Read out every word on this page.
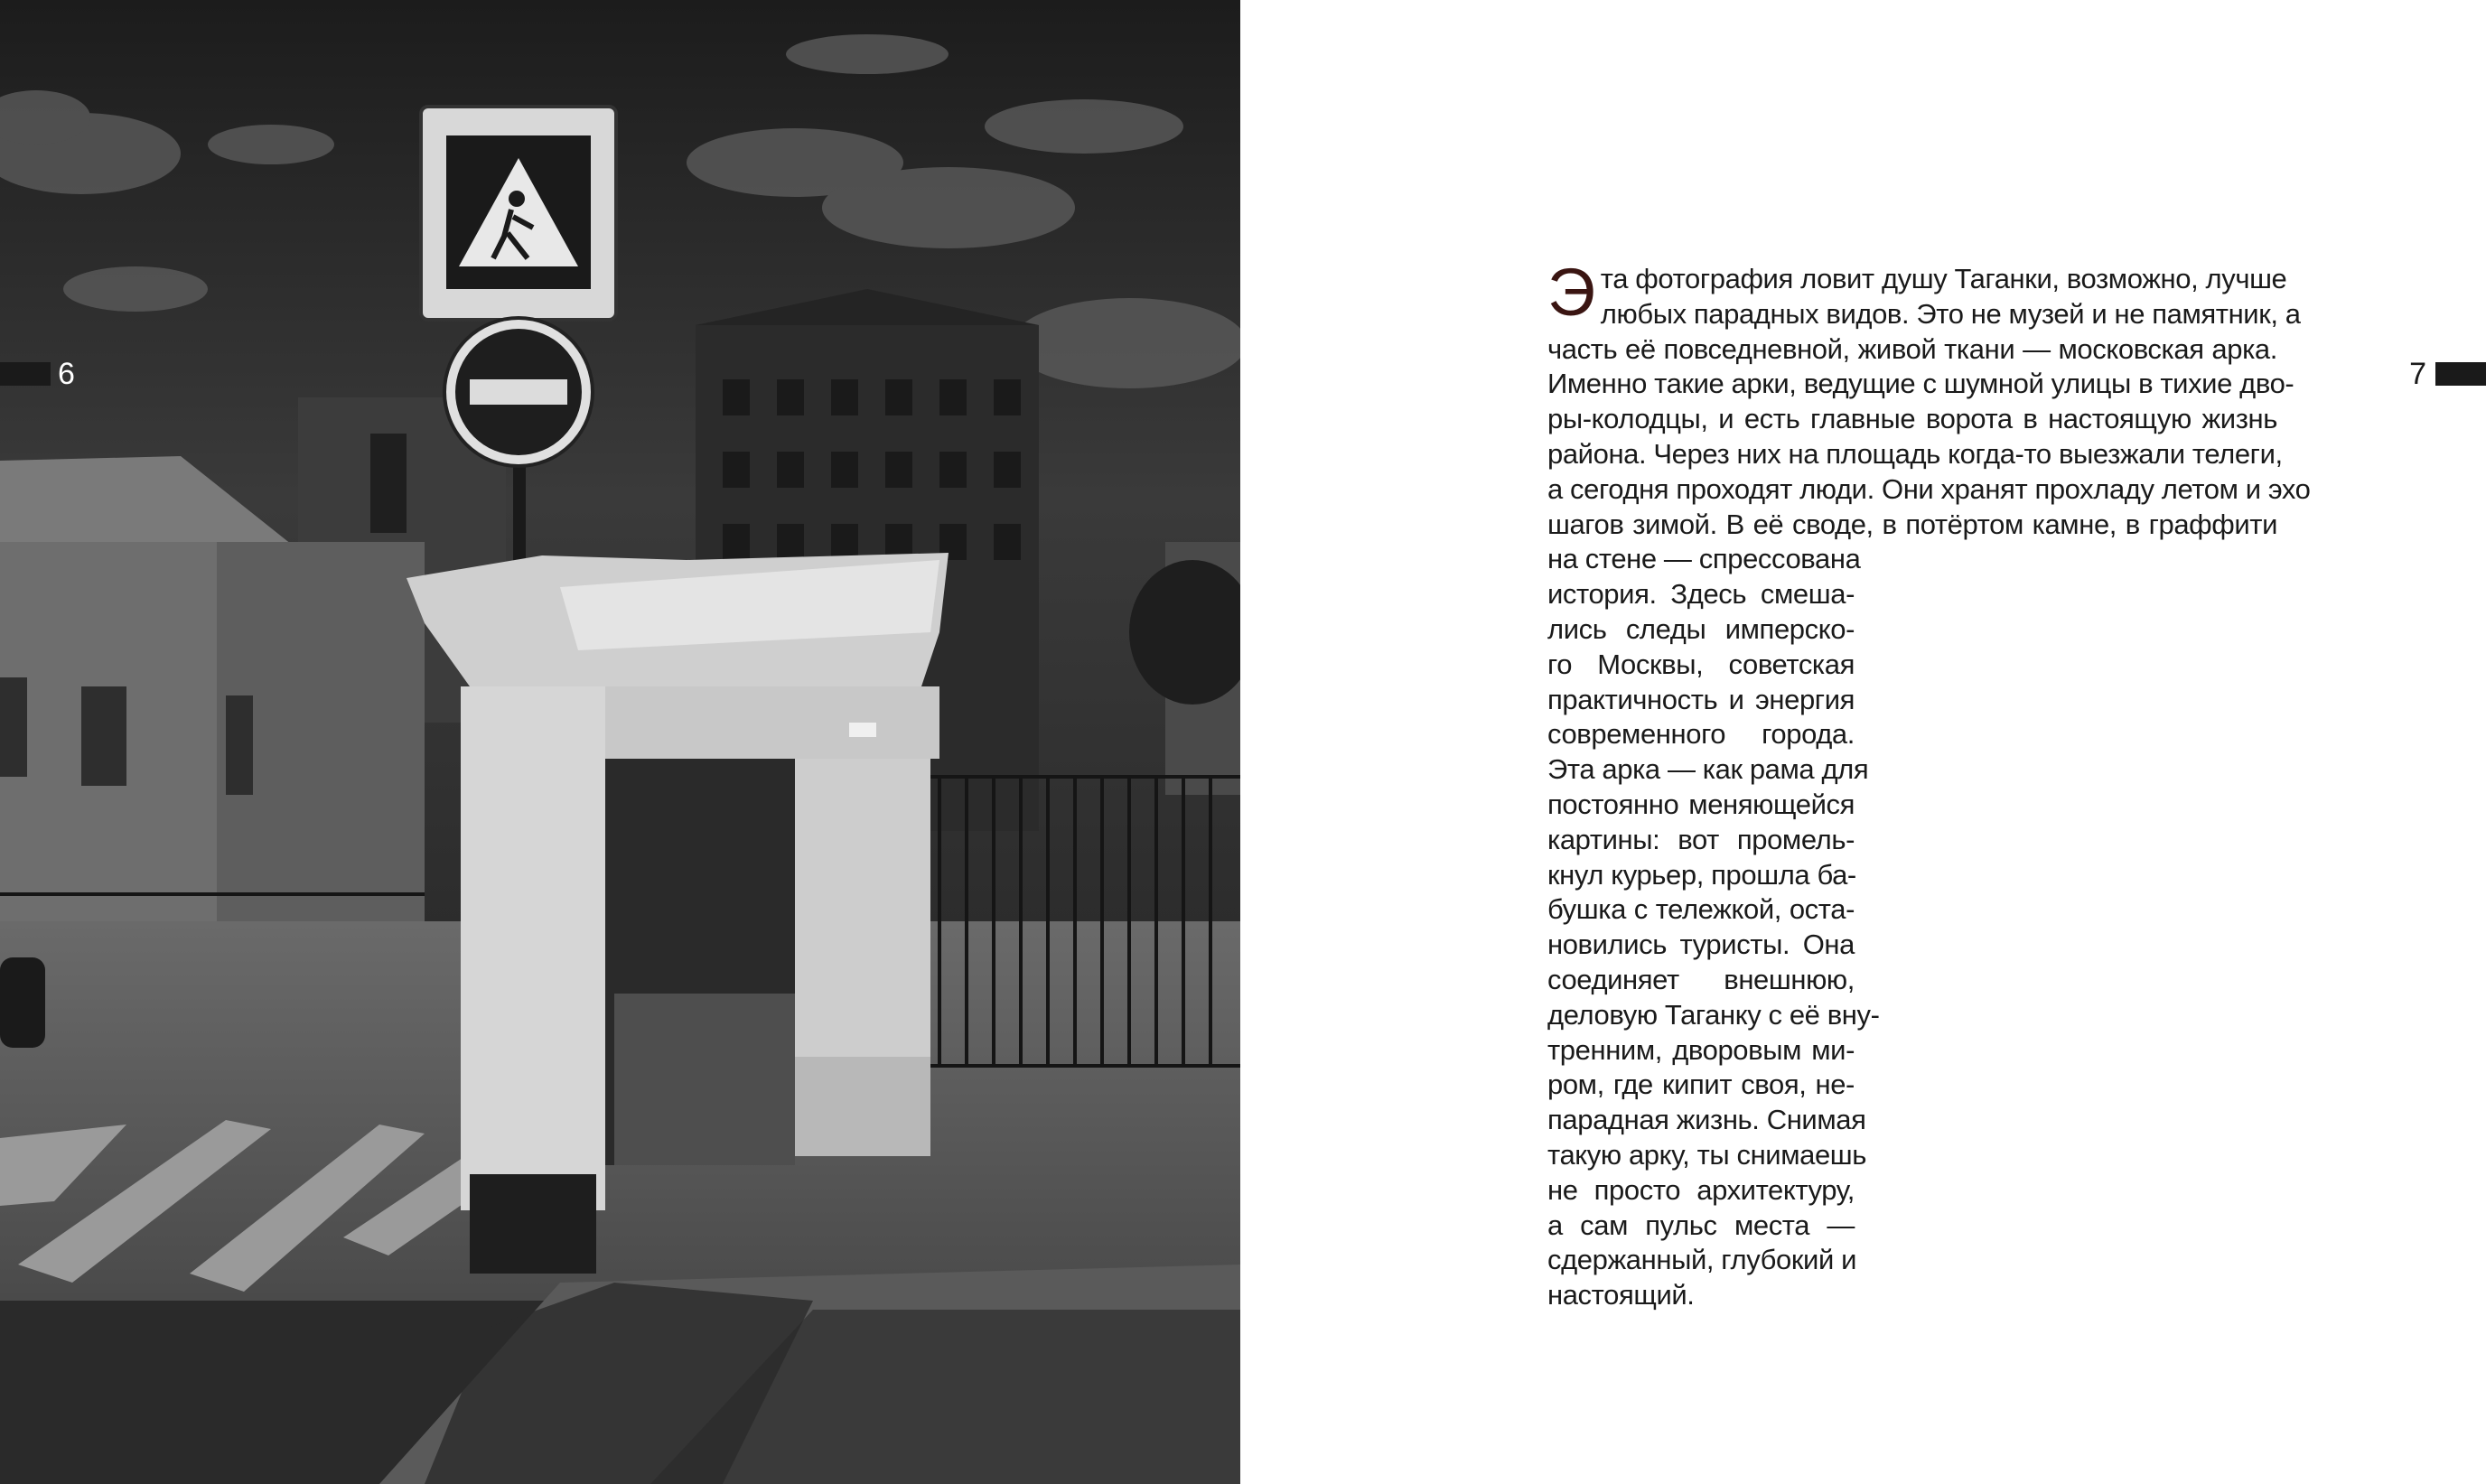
6	7
Э та фотография ловит душу Таганки, возможно, лучше
любых парадных видов. Это не музей и не памятник, а
часть её повседневной, живой ткани — московская арка.
Именно такие арки, ведущие с шумной улицы в тихие дво-
ры-колодцы, и есть главные ворота в настоящую жизнь
района. Через них на площадь когда-то выезжали телеги,
а сегодня проходят люди. Они хранят прохладу летом и эхо
шагов зимой. В её своде, в потёртом камне, в граффити
на стене — спрессована
история. Здесь смеша-
лись следы имперско-
го Москвы, советская
практичность и энергия
современного города.
Эта арка — как рама для
постоянно меняющейся
картины: вот промель-
кнул курьер, прошла ба-
бушка с тележкой, оста-
новились туристы. Она
соединяет внешнюю,
деловую Таганку с её вну-
тренним, дворовым ми-
ром, где кипит своя, не-
парадная жизнь. Снимая
такую арку, ты снимаешь
не просто архитектуру,
а сам пульс места —
сдержанный, глубокий и
настоящий.
